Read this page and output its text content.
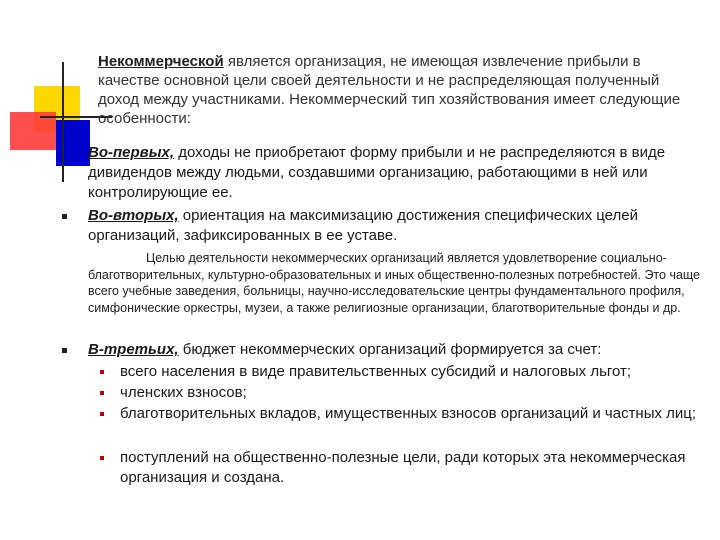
Некоммерческой является организация, не имеющая извлечение прибыли в качестве основной цели своей деятельности и не распределяющая полученный доход между участниками. Некоммерческий тип хозяйствования имеет следующие особенности:
Во-первых, доходы не приобретают форму прибыли и не распределяются в виде дивидендов между людьми, создавшими организацию, работающими в ней или контролирующие ее.
Во-вторых, ориентация на максимизацию достижения специфических целей организаций, зафиксированных в ее уставе.
Целью деятельности некоммерческих организаций является удовлетворение социально-благотворительных, культурно-образовательных и иных общественно-полезных потребностей. Это чаще всего учебные заведения, больницы, научно-исследовательские центры фундаментального профиля, симфонические оркестры, музеи, а также религиозные организации, благотворительные фонды и др.
В-третьих, бюджет некоммерческих организаций формируется за счет:
всего населения в виде правительственных субсидий и налоговых льгот;
членских взносов;
благотворительных вкладов, имущественных взносов организаций и частных лиц;
поступлений на общественно-полезные цели, ради которых эта некоммерческая организация и создана.
